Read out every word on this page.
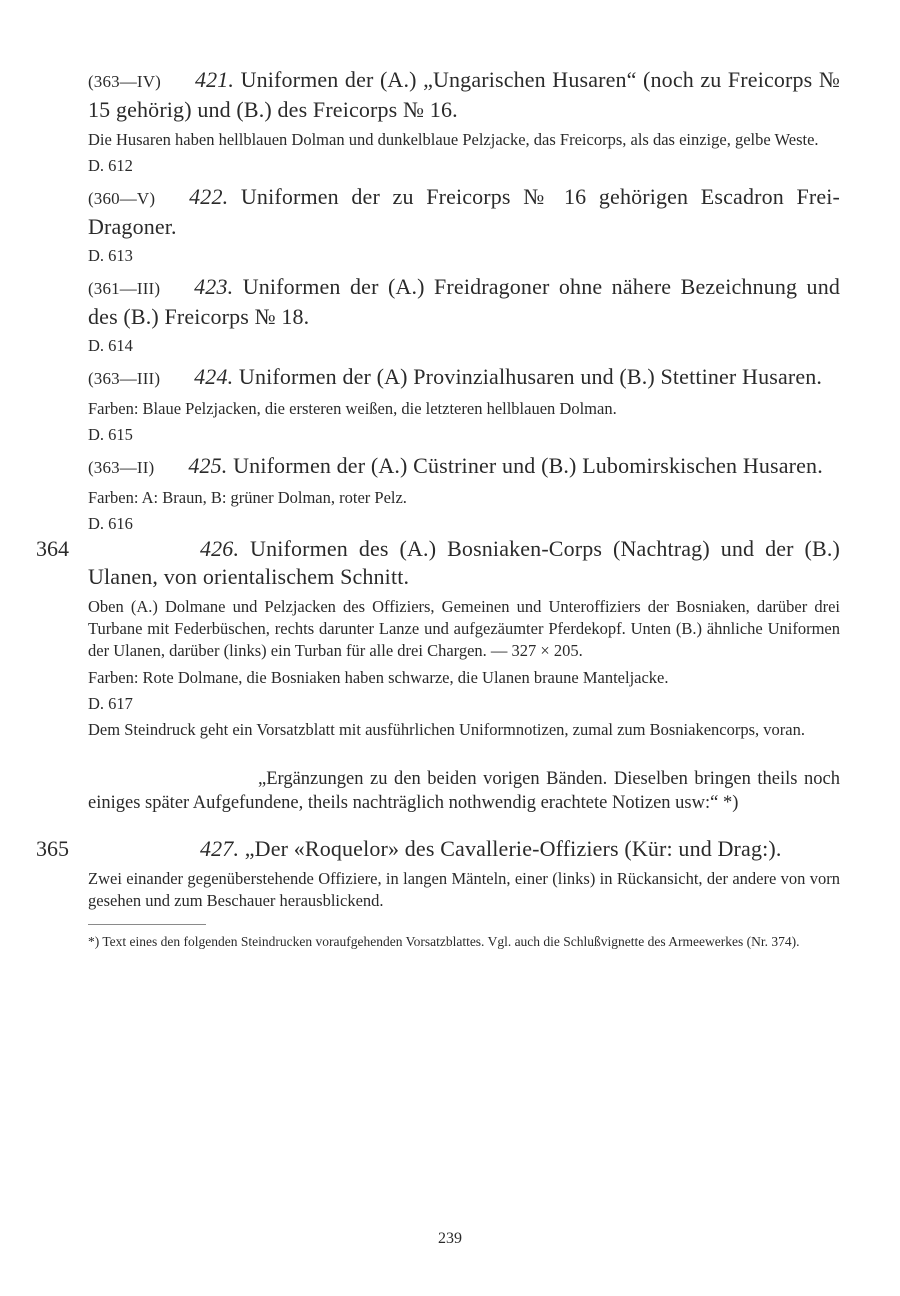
(363—IV) 421. Uniformen der (A.) „Ungarischen Husaren“ (noch zu Freicorps № 15 gehörig) und (B.) des Freicorps № 16.

Die Husaren haben hellblauen Dolman und dunkelblaue Pelzjacke, das Freicorps, als das einzige, gelbe Weste.

D. 612

(360—V) 422. Uniformen der zu Freicorps № 16 gehörigen Escadron Frei-Dragoner.

D. 613

(361—III) 423. Uniformen der (A.) Freidragoner ohne nähere Bezeichnung und des (B.) Freicorps № 18.

D. 614

(363—III) 424. Uniformen der (A) Provinzialhusaren und (B.) Stettiner Husaren.

Farben: Blaue Pelzjacken, die ersteren weißen, die letzteren hellblauen Dolman.

D. 615

(363—II) 425. Uniformen der (A.) Cüstriner und (B.) Lubomirskischen Husaren.

Farben: A: Braun, B: grüner Dolman, roter Pelz.

D. 616

364	426. Uniformen des (A.) Bosniaken-Corps (Nachtrag) und der (B.) Ulanen, von orientalischem Schnitt.

Oben (A.) Dolmane und Pelzjacken des Offiziers, Gemeinen und Unteroffiziers der Bosniaken, darüber drei Turbane mit Federbüschen, rechts darunter Lanze und aufgezäumter Pferdekopf. Unten (B.) ähnliche Uniformen der Ulanen, darüber (links) ein Turban für alle drei Chargen. — 327 × 205.

Farben: Rote Dolmane, die Bosniaken haben schwarze, die Ulanen braune Manteljacke.

D. 617

Dem Steindruck geht ein Vorsatzblatt mit ausführlichen Uniformnotizen, zumal zum Bosniakencorps, voran.

„Ergänzungen zu den beiden vorigen Bänden. Dieselben bringen theils noch einiges später Aufgefundene, theils nachträglich nothwendig erachtete Notizen usw:“ *)

365	427. „Der «Roquelor» des Cavallerie-Offiziers (Kür: und Drag:).

Zwei einander gegenüberstehende Offiziere, in langen Mänteln, einer (links) in Rückansicht, der andere von vorn gesehen und zum Beschauer herausblickend.

*) Text eines den folgenden Steindrucken voraufgehenden Vorsatzblattes. Vgl. auch die Schlußvignette des Armeewerkes (Nr. 374).

239
